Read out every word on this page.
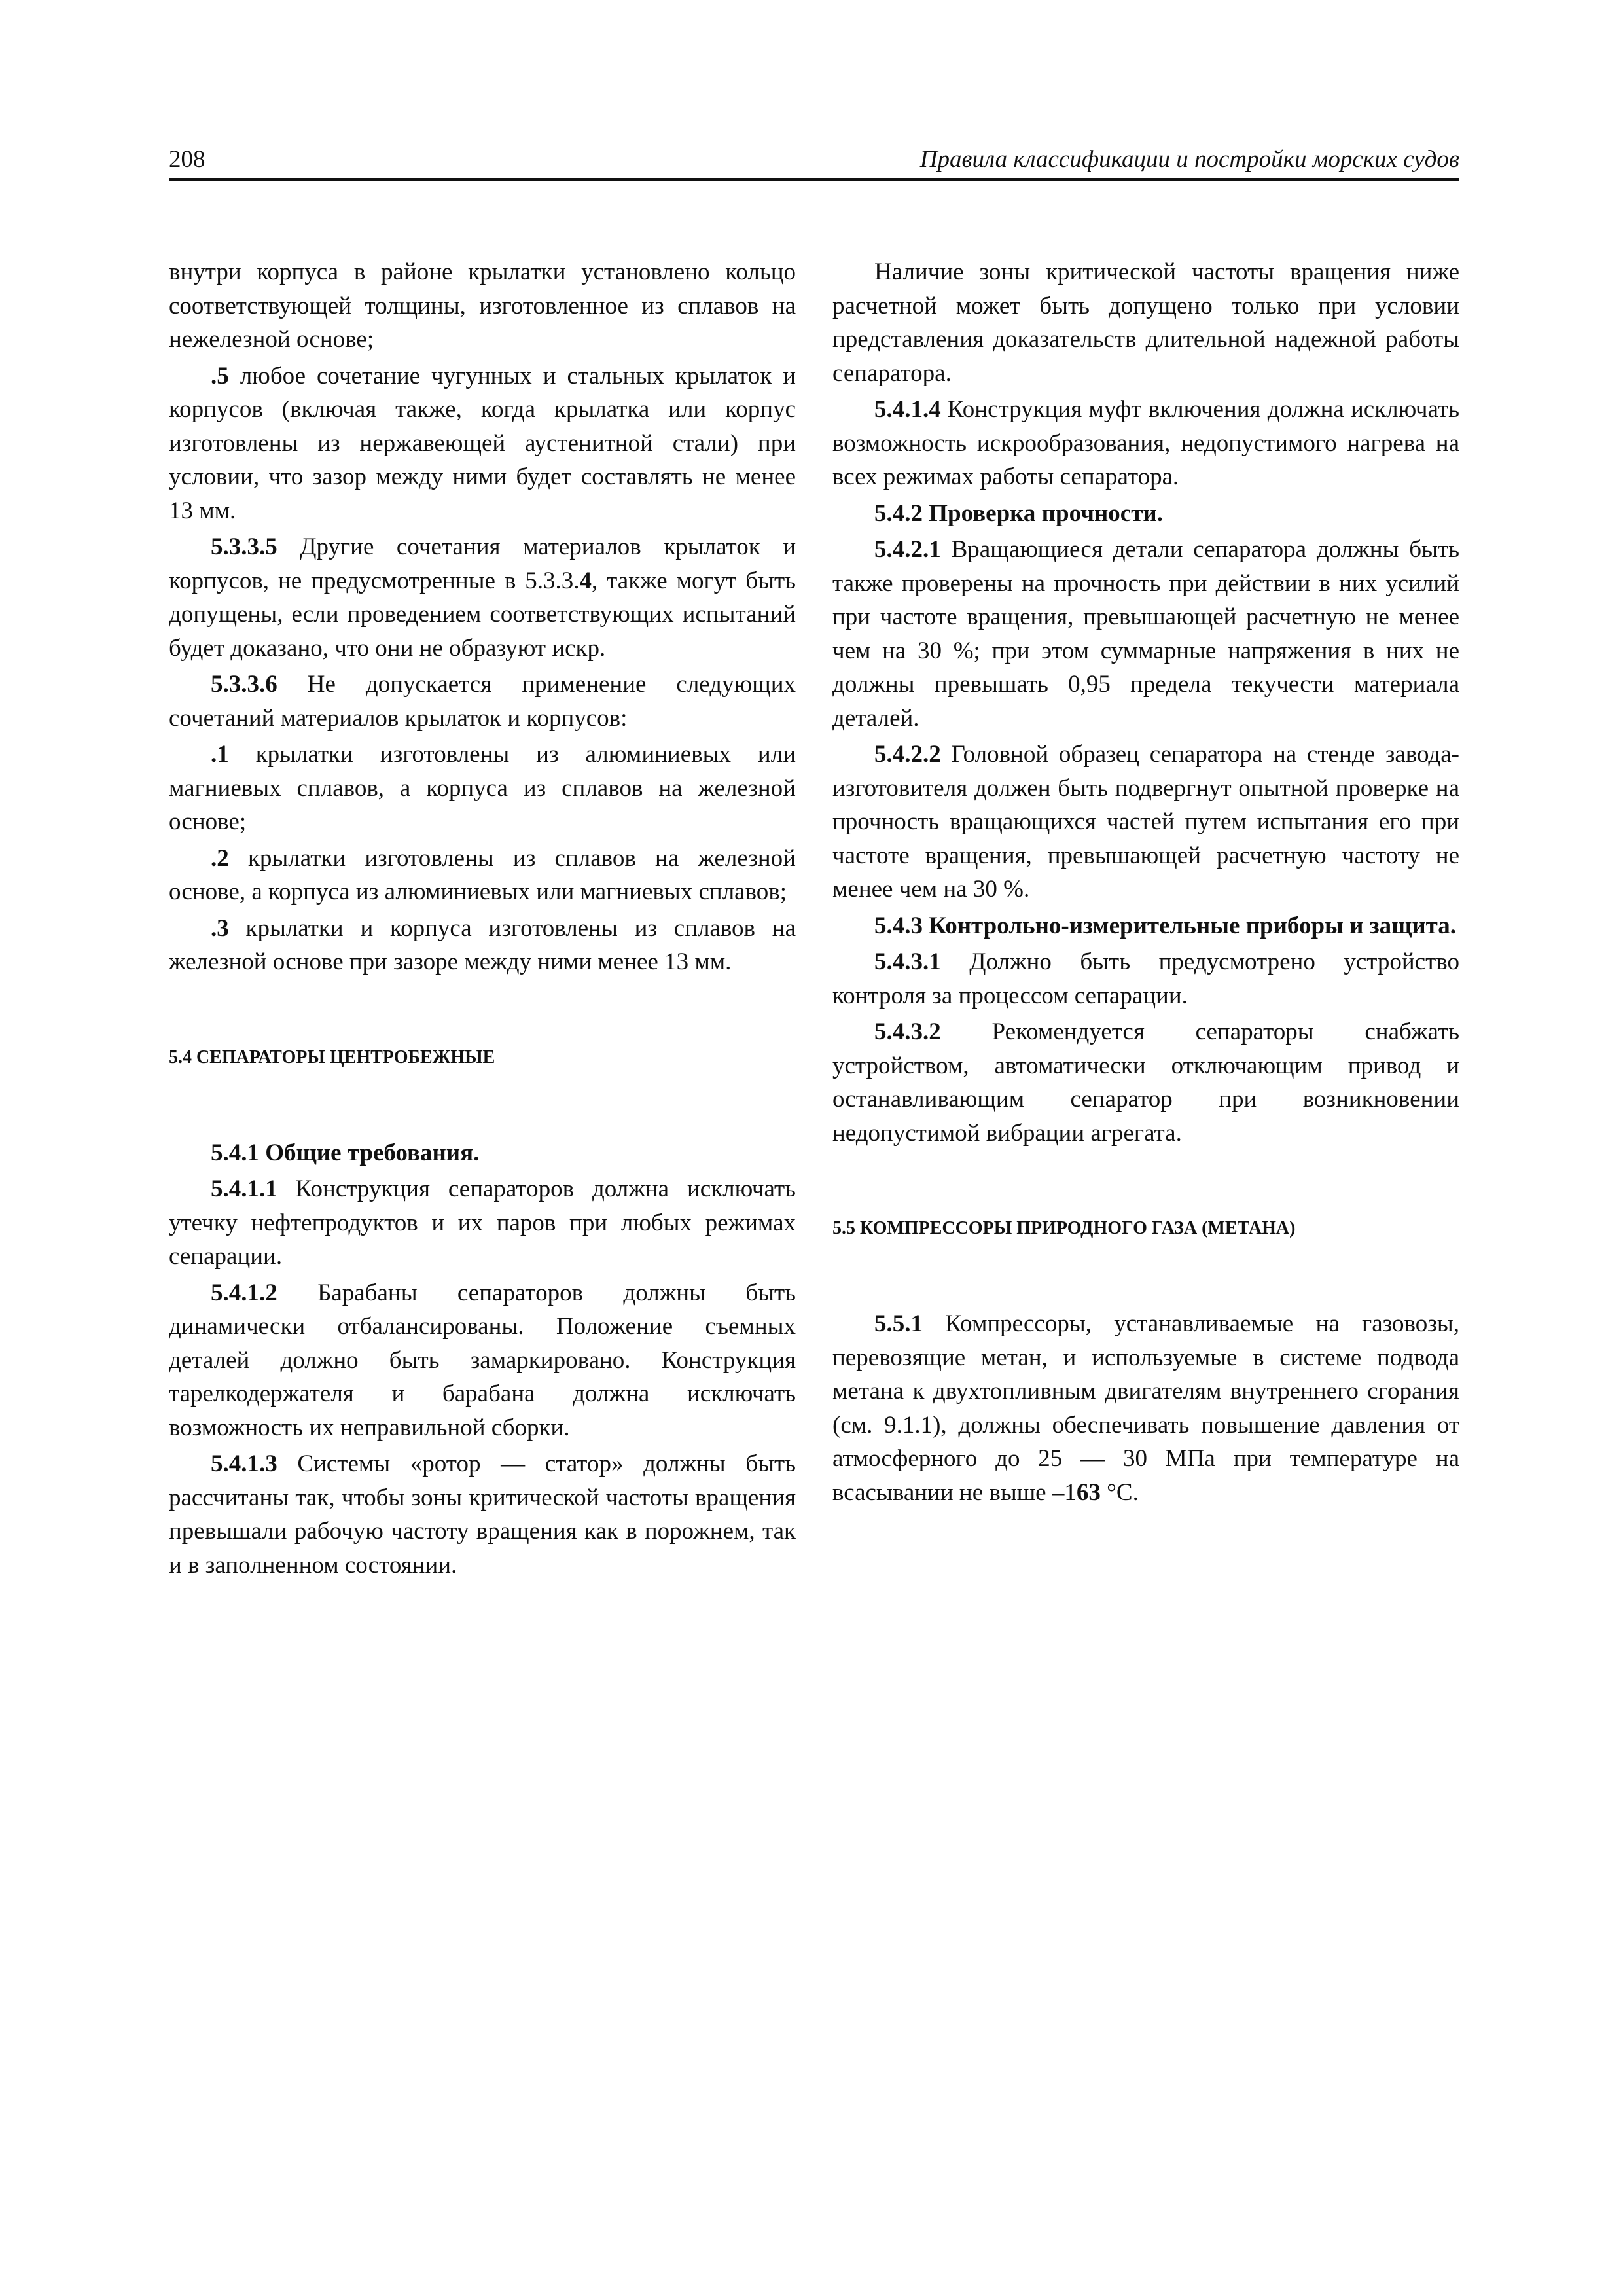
208	Правила классификации и постройки морских судов

внутри корпуса в районе крылатки установлено кольцо соответствующей толщины, изготовленное из сплавов на нежелезной основе;

.5 любое сочетание чугунных и стальных крылаток и корпусов (включая также, когда крылатка или корпус изготовлены из нержавеющей аустенитной стали) при условии, что зазор между ними будет составлять не менее 13 мм.

5.3.3.5 Другие сочетания материалов крылаток и корпусов, не предусмотренные в 5.3.3.4, также могут быть допущены, если проведением соответствующих испытаний будет доказано, что они не образуют искр.

5.3.3.6 Не допускается применение следующих сочетаний материалов крылаток и корпусов:

.1 крылатки изготовлены из алюминиевых или магниевых сплавов, а корпуса из сплавов на железной основе;

.2 крылатки изготовлены из сплавов на железной основе, а корпуса из алюминиевых или магниевых сплавов;

.3 крылатки и корпуса изготовлены из сплавов на железной основе при зазоре между ними менее 13 мм.

5.4 СЕПАРАТОРЫ ЦЕНТРОБЕЖНЫЕ

5.4.1 Общие требования.

5.4.1.1 Конструкция сепараторов должна исключать утечку нефтепродуктов и их паров при любых режимах сепарации.

5.4.1.2 Барабаны сепараторов должны быть динамически отбалансированы. Положение съемных деталей должно быть замаркировано. Конструкция тарелкодержателя и барабана должна исключать возможность их неправильной сборки.

5.4.1.3 Системы «ротор — статор» должны быть рассчитаны так, чтобы зоны критической частоты вращения превышали рабочую частоту вращения как в порожнем, так и в заполненном состоянии.

Наличие зоны критической частоты вращения ниже расчетной может быть допущено только при условии представления доказательств длительной надежной работы сепаратора.

5.4.1.4 Конструкция муфт включения должна исключать возможность искрообразования, недопустимого нагрева на всех режимах работы сепаратора.

5.4.2 Проверка прочности.

5.4.2.1 Вращающиеся детали сепаратора должны быть также проверены на прочность при действии в них усилий при частоте вращения, превышающей расчетную не менее чем на 30 %; при этом суммарные напряжения в них не должны превышать 0,95 предела текучести материала деталей.

5.4.2.2 Головной образец сепаратора на стенде завода-изготовителя должен быть подвергнут опытной проверке на прочность вращающихся частей путем испытания его при частоте вращения, превышающей расчетную частоту не менее чем на 30 %.

5.4.3 Контрольно-измерительные приборы и защита.

5.4.3.1 Должно быть предусмотрено устройство контроля за процессом сепарации.

5.4.3.2 Рекомендуется сепараторы снабжать устройством, автоматически отключающим привод и останавливающим сепаратор при возникновении недопустимой вибрации агрегата.

5.5 КОМПРЕССОРЫ ПРИРОДНОГО ГАЗА (МЕТАНА)

5.5.1 Компрессоры, устанавливаемые на газовозы, перевозящие метан, и используемые в системе подвода метана к двухтопливным двигателям внутреннего сгорания (см. 9.1.1), должны обеспечивать повышение давления от атмосферного до 25 — 30 МПа при температуре на всасывании не выше –163 °С.
